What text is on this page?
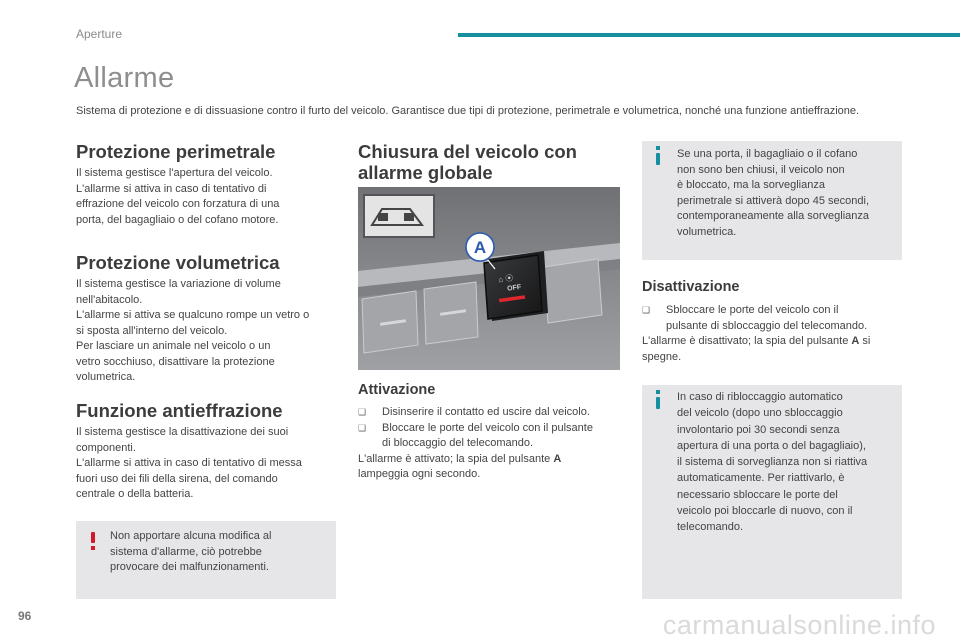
Aperture
Allarme
Sistema di protezione e di dissuasione contro il furto del veicolo. Garantisce due tipi di protezione, perimetrale e volumetrica, nonché una funzione antieffrazione.
Protezione perimetrale

Il sistema gestisce l'apertura del veicolo.

L'allarme si attiva in caso di tentativo di

effrazione del veicolo con forzatura di una

porta, del bagagliaio o del cofano motore.

Protezione volumetrica

Il sistema gestisce la variazione di volume

nell'abitacolo.

L'allarme si attiva se qualcuno rompe un vetro o

si sposta all'interno del veicolo.

Per lasciare un animale nel veicolo o un

vetro socchiuso, disattivare la protezione

volumetrica.

Funzione antieffrazione

Il sistema gestisce la disattivazione dei suoi

componenti.

L'allarme si attiva in caso di tentativo di messa

fuori uso dei fili della sirena, del comando

centrale o della batteria.

Non apportare alcuna modifica al

sistema d'allarme, ciò potrebbe

provocare dei malfunzionamenti.

Chiusura del veicolo con
allarme globale
⌂ ⦿
OFF
A
Attivazione
❏ Disinserire il contatto ed uscire dal veicolo.
❏ Bloccare le porte del veicolo con il pulsante
di bloccaggio del telecomando.
L'allarme è attivato; la spia del pulsante A
lampeggia ogni secondo.

Se una porta, il bagagliaio o il cofano

non sono ben chiusi, il veicolo non

è bloccato, ma la sorveglianza

perimetrale si attiverà dopo 45 secondi,

contemporaneamente alla sorveglianza

volumetrica.

Disattivazione
❏ Sbloccare le porte del veicolo con il
pulsante di sbloccaggio del telecomando.
L'allarme è disattivato; la spia del pulsante A si
spegne.

In caso di ribloccaggio automatico

del veicolo (dopo uno sbloccaggio

involontario poi 30 secondi senza

apertura di una porta o del bagagliaio),

il sistema di sorveglianza non si riattiva

automaticamente. Per riattivarlo, è

necessario sbloccare le porte del

veicolo poi bloccarle di nuovo, con il

telecomando.

96	carmanualsonline.info
